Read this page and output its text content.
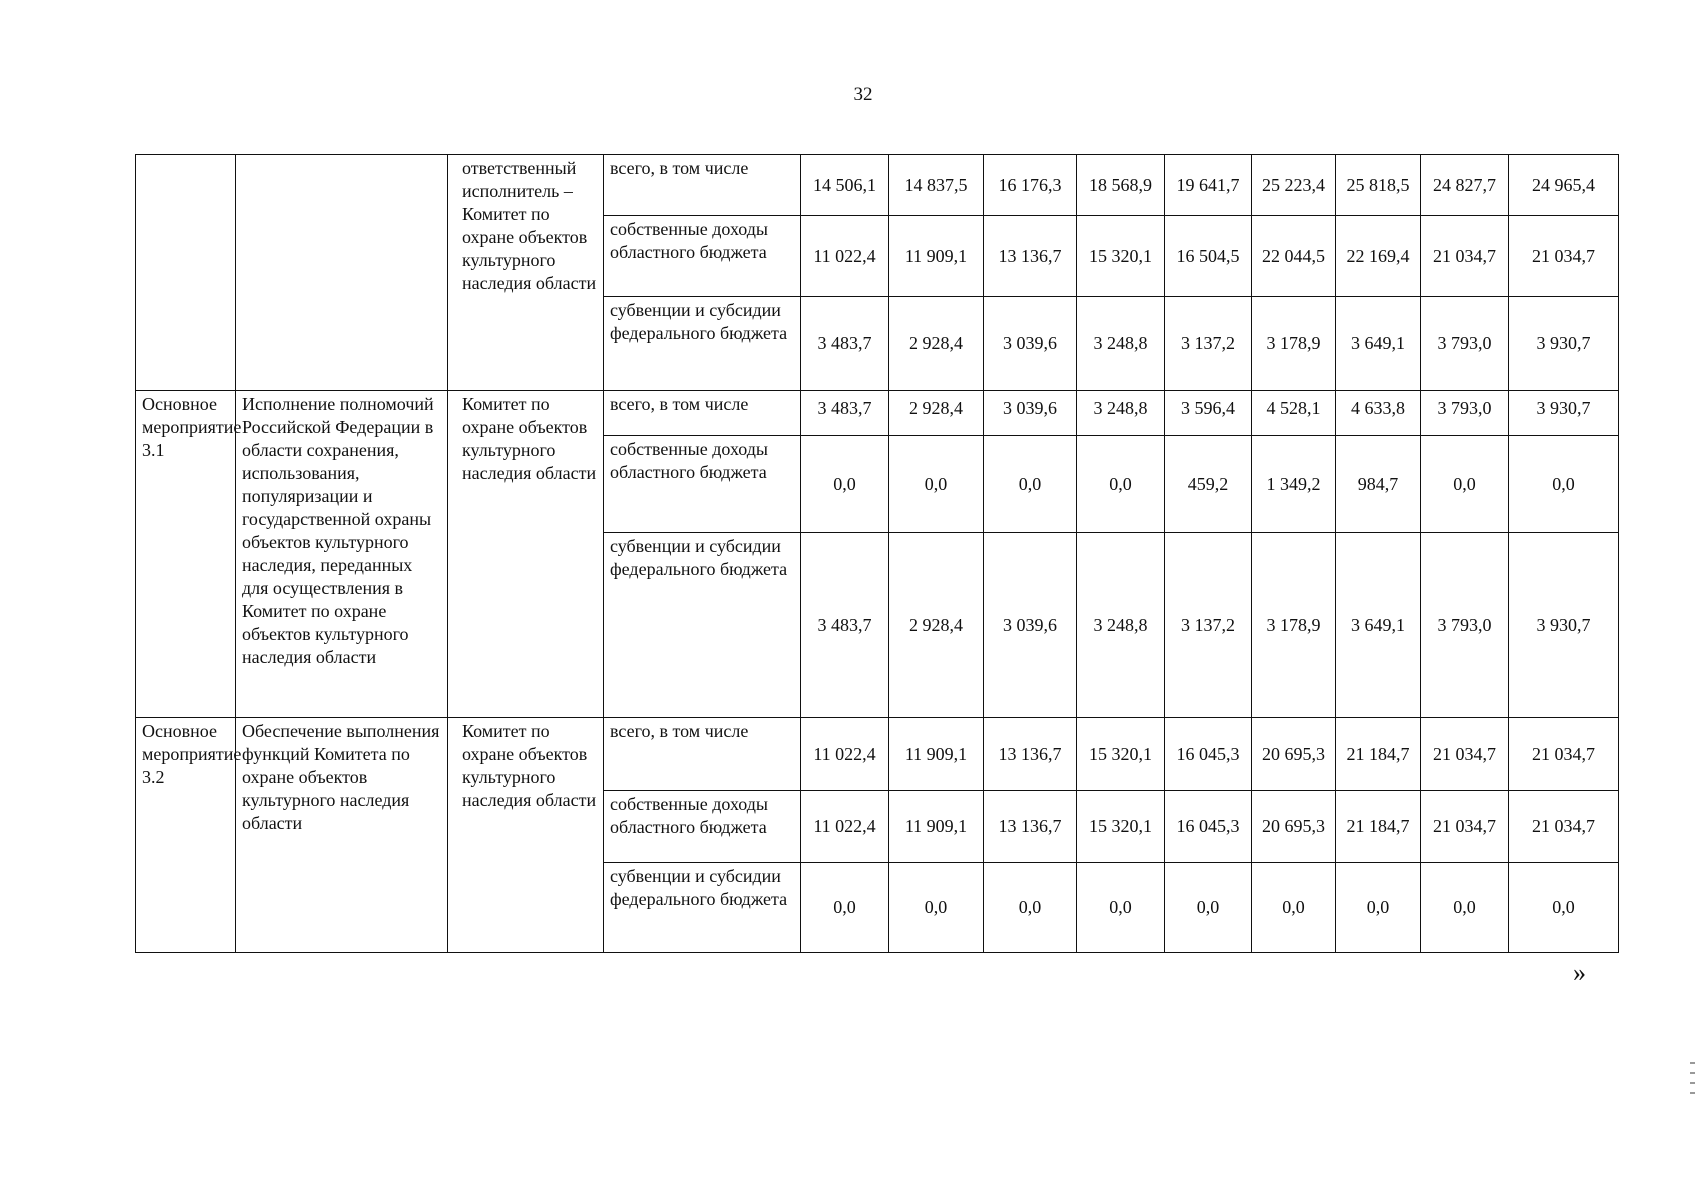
32
		ответственный исполнитель – Комитет по охране объектов культурного наследия области	всего, в том числе	14 506,1	14 837,5	16 176,3	18 568,9	19 641,7	25 223,4	25 818,5	24 827,7	24 965,4
			собственные доходы областного бюджета	11 022,4	11 909,1	13 136,7	15 320,1	16 504,5	22 044,5	22 169,4	21 034,7	21 034,7
			субвенции и субсидии федерального бюджета	3 483,7	2 928,4	3 039,6	3 248,8	3 137,2	3 178,9	3 649,1	3 793,0	3 930,7
Основное мероприятие 3.1	Исполнение полномочий Российской Федерации в области сохранения, использования, популяризации и государственной охраны объектов культурного наследия, переданных для осуществления в Комитет по охране объектов культурного наследия области	Комитет по охране объектов культурного наследия области	всего, в том числе	3 483,7	2 928,4	3 039,6	3 248,8	3 596,4	4 528,1	4 633,8	3 793,0	3 930,7
			собственные доходы областного бюджета	0,0	0,0	0,0	0,0	459,2	1 349,2	984,7	0,0	0,0
			субвенции и субсидии федерального бюджета	3 483,7	2 928,4	3 039,6	3 248,8	3 137,2	3 178,9	3 649,1	3 793,0	3 930,7
Основное мероприятие 3.2	Обеспечение выполнения функций Комитета по охране объектов культурного наследия области	Комитет по охране объектов культурного наследия области	всего, в том числе	11 022,4	11 909,1	13 136,7	15 320,1	16 045,3	20 695,3	21 184,7	21 034,7	21 034,7
			собственные доходы областного бюджета	11 022,4	11 909,1	13 136,7	15 320,1	16 045,3	20 695,3	21 184,7	21 034,7	21 034,7
			субвенции и субсидии федерального бюджета	0,0	0,0	0,0	0,0	0,0	0,0	0,0	0,0	0,0
»
